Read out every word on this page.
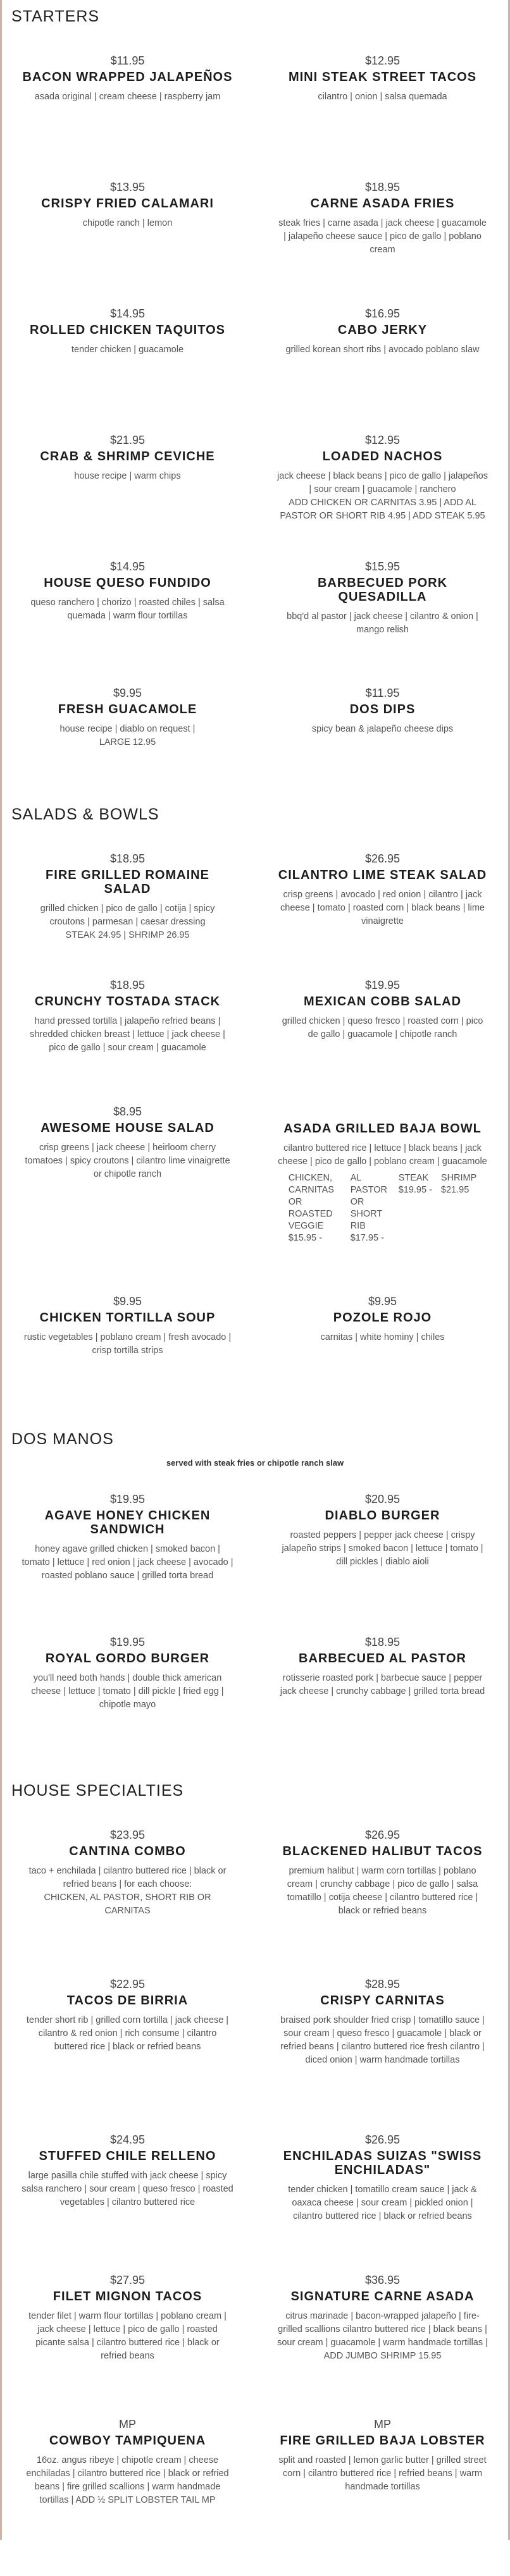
STARTERS
$11.95
BACON WRAPPED JALAPEÑOS
asada original | cream cheese | raspberry jam
$12.95
MINI STEAK STREET TACOS
cilantro | onion | salsa quemada
$13.95
CRISPY FRIED CALAMARI
chipotle ranch | lemon
$18.95
CARNE ASADA FRIES
steak fries | carne asada | jack cheese | guacamole | jalapeño cheese sauce | pico de gallo | poblano cream
$14.95
ROLLED CHICKEN TAQUITOS
tender chicken | guacamole
$16.95
CABO JERKY
grilled korean short ribs | avocado poblano slaw
$21.95
CRAB & SHRIMP CEVICHE
house recipe | warm chips
$12.95
LOADED NACHOS
jack cheese | black beans | pico de gallo | jalapeños | sour cream | guacamole | ranchero
ADD CHICKEN OR CARNITAS 3.95 | ADD AL PASTOR OR SHORT RIB 4.95 | ADD STEAK 5.95
$14.95
HOUSE QUESO FUNDIDO
queso ranchero | chorizo | roasted chiles | salsa quemada | warm flour tortillas
$15.95
BARBECUED PORK QUESADILLA
bbq'd al pastor | jack cheese | cilantro & onion | mango relish
$9.95
FRESH GUACAMOLE
house recipe | diablo on request |
LARGE 12.95
$11.95
DOS DIPS
spicy bean & jalapeño cheese dips
SALADS & BOWLS
$18.95
FIRE GRILLED ROMAINE SALAD
grilled chicken | pico de gallo | cotija | spicy croutons | parmesan | caesar dressing
STEAK 24.95 | SHRIMP 26.95
$26.95
CILANTRO LIME STEAK SALAD
crisp greens | avocado | red onion | cilantro | jack cheese | tomato | roasted corn | black beans | lime vinaigrette
$18.95
CRUNCHY TOSTADA STACK
hand pressed tortilla | jalapeño refried beans | shredded chicken breast | lettuce | jack cheese | pico de gallo | sour cream | guacamole
$19.95
MEXICAN COBB SALAD
grilled chicken | queso fresco | roasted corn | pico de gallo | guacamole | chipotle ranch
$8.95
AWESOME HOUSE SALAD
crisp greens | jack cheese | heirloom cherry tomatoes | spicy croutons | cilantro lime vinaigrette or chipotle ranch
ASADA GRILLED BAJA BOWL
cilantro buttered rice | lettuce | black beans | jack cheese | pico de gallo | poblano cream | guacamole
CHICKEN, CARNITAS OR ROASTED VEGGIE
$15.95 -
AL PASTOR OR SHORT RIB
$17.95 -
STEAK
$19.95 -
SHRIMP
$21.95
$9.95
CHICKEN TORTILLA SOUP
rustic vegetables | poblano cream | fresh avocado | crisp tortilla strips
$9.95
POZOLE ROJO
carnitas | white hominy | chiles
DOS MANOS
served with steak fries or chipotle ranch slaw
$19.95
AGAVE HONEY CHICKEN SANDWICH
honey agave grilled chicken | smoked bacon | tomato | lettuce | red onion | jack cheese | avocado | roasted poblano sauce | grilled torta bread
$20.95
DIABLO BURGER
roasted peppers | pepper jack cheese | crispy jalapeño strips | smoked bacon | lettuce | tomato | dill pickles | diablo aioli
$19.95
ROYAL GORDO BURGER
you'll need both hands | double thick american cheese | lettuce | tomato | dill pickle | fried egg | chipotle mayo
$18.95
BARBECUED AL PASTOR
rotisserie roasted pork | barbecue sauce | pepper jack cheese | crunchy cabbage | grilled torta bread
HOUSE SPECIALTIES
$23.95
CANTINA COMBO
taco + enchilada | cilantro buttered rice | black or refried beans | for each choose:
CHICKEN, AL PASTOR, SHORT RIB OR CARNITAS
$26.95
BLACKENED HALIBUT TACOS
premium halibut | warm corn tortillas | poblano cream | crunchy cabbage | pico de gallo | salsa tomatillo | cotija cheese | cilantro buttered rice | black or refried beans
$22.95
TACOS DE BIRRIA
tender short rib | grilled corn tortilla | jack cheese | cilantro & red onion | rich consume | cilantro buttered rice | black or refried beans
$28.95
CRISPY CARNITAS
braised pork shoulder fried crisp | tomatillo sauce | sour cream | queso fresco | guacamole | black or refried beans | cilantro buttered rice fresh cilantro | diced onion | warm handmade tortillas
$24.95
STUFFED CHILE RELLENO
large pasilla chile stuffed with jack cheese | spicy salsa ranchero | sour cream | queso fresco | roasted vegetables | cilantro buttered rice
$26.95
ENCHILADAS SUIZAS "SWISS ENCHILADAS"
tender chicken | tomatillo cream sauce | jack & oaxaca cheese | sour cream | pickled onion | cilantro buttered rice | black or refried beans
$27.95
FILET MIGNON TACOS
tender filet | warm flour tortillas | poblano cream | jack cheese | lettuce | pico de gallo | roasted picante salsa | cilantro buttered rice | black or refried beans
$36.95
SIGNATURE CARNE ASADA
citrus marinade | bacon-wrapped jalapeño | fire-grilled scallions cilantro buttered rice | black beans | sour cream | guacamole | warm handmade tortillas | ADD JUMBO SHRIMP 15.95
MP
COWBOY TAMPIQUENA
16oz. angus ribeye | chipotle cream | cheese enchiladas | cilantro buttered rice | black or refried beans | fire grilled scallions | warm handmade tortillas | ADD ½ SPLIT LOBSTER TAIL MP
MP
FIRE GRILLED BAJA LOBSTER
split and roasted | lemon garlic butter | grilled street corn | cilantro buttered rice | refried beans | warm handmade tortillas
